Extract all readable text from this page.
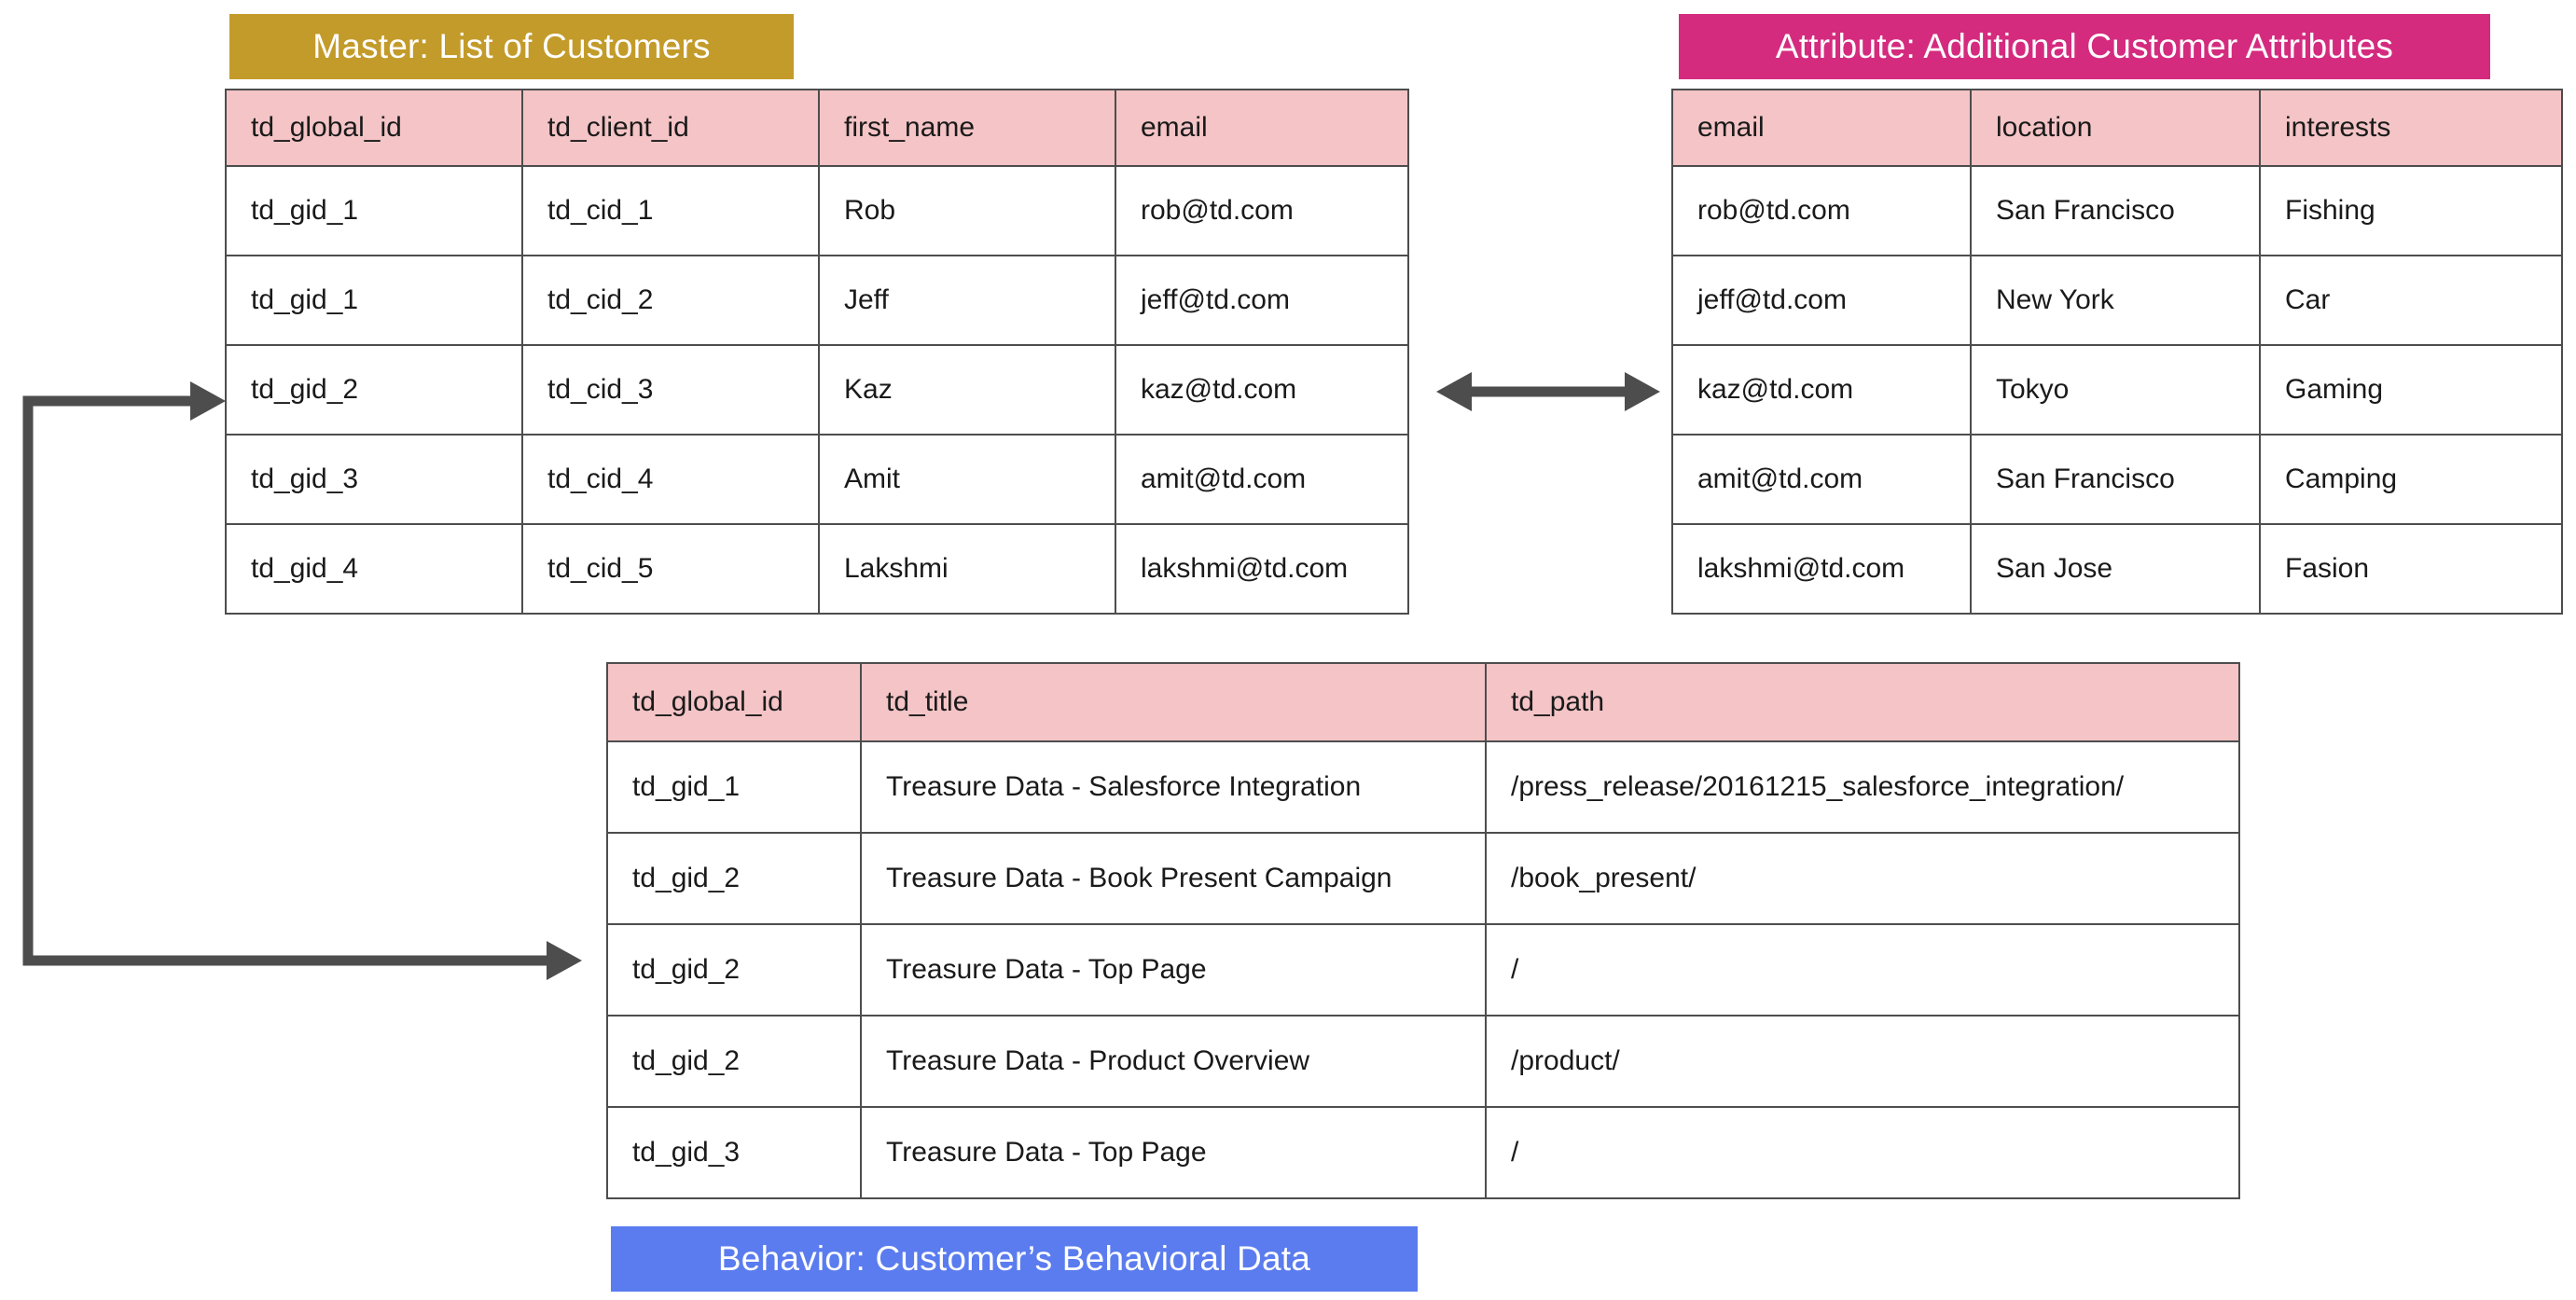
Master: List of Customers	Attribute: Additional Customer Attributes
Behavior: Customer’s Behavioral Data
td_global_id	td_client_id	first_name	email
td_gid_1	td_cid_1	Rob	rob@td.com
td_gid_1	td_cid_2	Jeff	jeff@td.com
td_gid_2	td_cid_3	Kaz	kaz@td.com
td_gid_3	td_cid_4	Amit	amit@td.com
td_gid_4	td_cid_5	Lakshmi	lakshmi@td.com
email	location	interests
rob@td.com	San Francisco	Fishing
jeff@td.com	New York	Car
kaz@td.com	Tokyo	Gaming
amit@td.com	San Francisco	Camping
lakshmi@td.com	San Jose	Fasion
td_global_id	td_title	td_path
td_gid_1	Treasure Data - Salesforce Integration	/press_release/20161215_salesforce_integration/
td_gid_2	Treasure Data - Book Present Campaign	/book_present/
td_gid_2	Treasure Data - Top Page	/
td_gid_2	Treasure Data - Product Overview	/product/
td_gid_3	Treasure Data - Top Page	/
